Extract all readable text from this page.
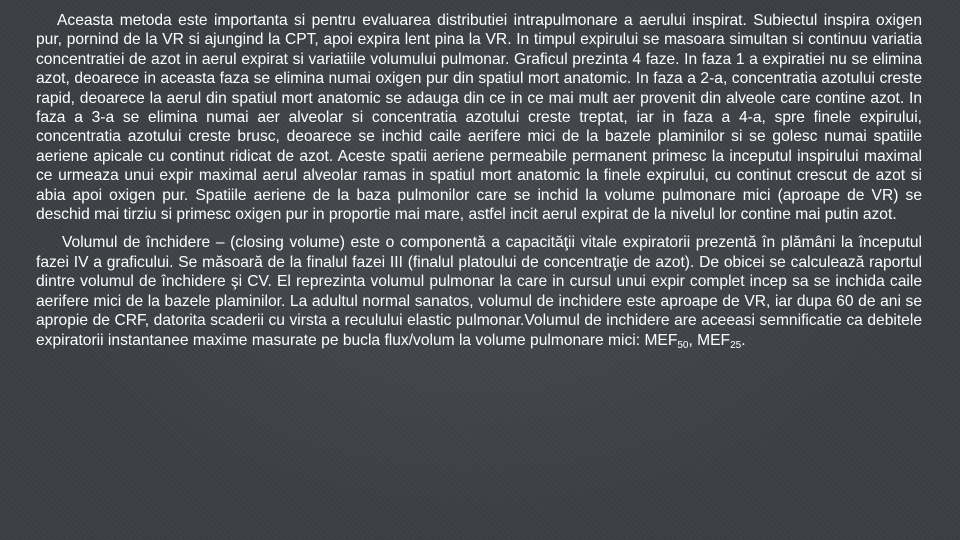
Aceasta metoda este importanta si pentru evaluarea distributiei intrapulmonare a aerului inspirat. Subiectul inspira oxigen pur, pornind de la VR si ajungind la CPT, apoi expira lent pina la VR. In timpul expirului se masoara simultan si continuu variatia concentratiei de azot in aerul expirat si variatiile volumului pulmonar. Graficul prezinta 4 faze. In faza 1 a expiratiei nu se elimina azot, deoarece in aceasta faza se elimina numai oxigen pur din spatiul mort anatomic. In faza a 2-a, concentratia azotului creste rapid, deoarece la aerul din spatiul mort anatomic se adauga din ce in ce mai mult aer provenit din alveole care contine azot. In faza a 3-a se elimina numai aer alveolar si concentratia azotului creste treptat, iar in faza a 4-a, spre finele expirului, concentratia azotului creste brusc, deoarece se inchid caile aerifere mici de la bazele plaminilor si se golesc numai spatiile aeriene apicale cu continut ridicat de azot. Aceste spatii aeriene permeabile permanent primesc la inceputul inspirului maximal ce urmeaza unui expir maximal aerul alveolar ramas in spatiul mort anatomic la finele expirului, cu continut crescut de azot si abia apoi oxigen pur. Spatiile aeriene de la baza pulmonilor care se inchid la volume pulmonare mici (aproape de VR) se deschid mai tirziu si primesc oxigen pur in proportie mai mare, astfel incit aerul expirat de la nivelul lor contine mai putin azot.

Volumul de închidere – (closing volume) este o componentă a capacităţii vitale expiratorii prezentă în plămâni la începutul fazei IV a graficului. Se măsoară de la finalul fazei III (finalul platoului de concentraţie de azot). De obicei se calculează raportul dintre volumul de închidere şi CV. El reprezinta volumul pulmonar la care in cursul unui expir complet incep sa se inchida caile aerifere mici de la bazele plaminilor. La adultul normal sanatos, volumul de inchidere este aproape de VR, iar dupa 60 de ani se apropie de CRF, datorita scaderii cu virsta a reculului elastic pulmonar.Volumul de inchidere are aceeasi semnificatie ca debitele expiratorii instantanee maxime masurate pe bucla flux/volum la volume pulmonare mici: $MEF_{50}$, $MEF_{25}$.
